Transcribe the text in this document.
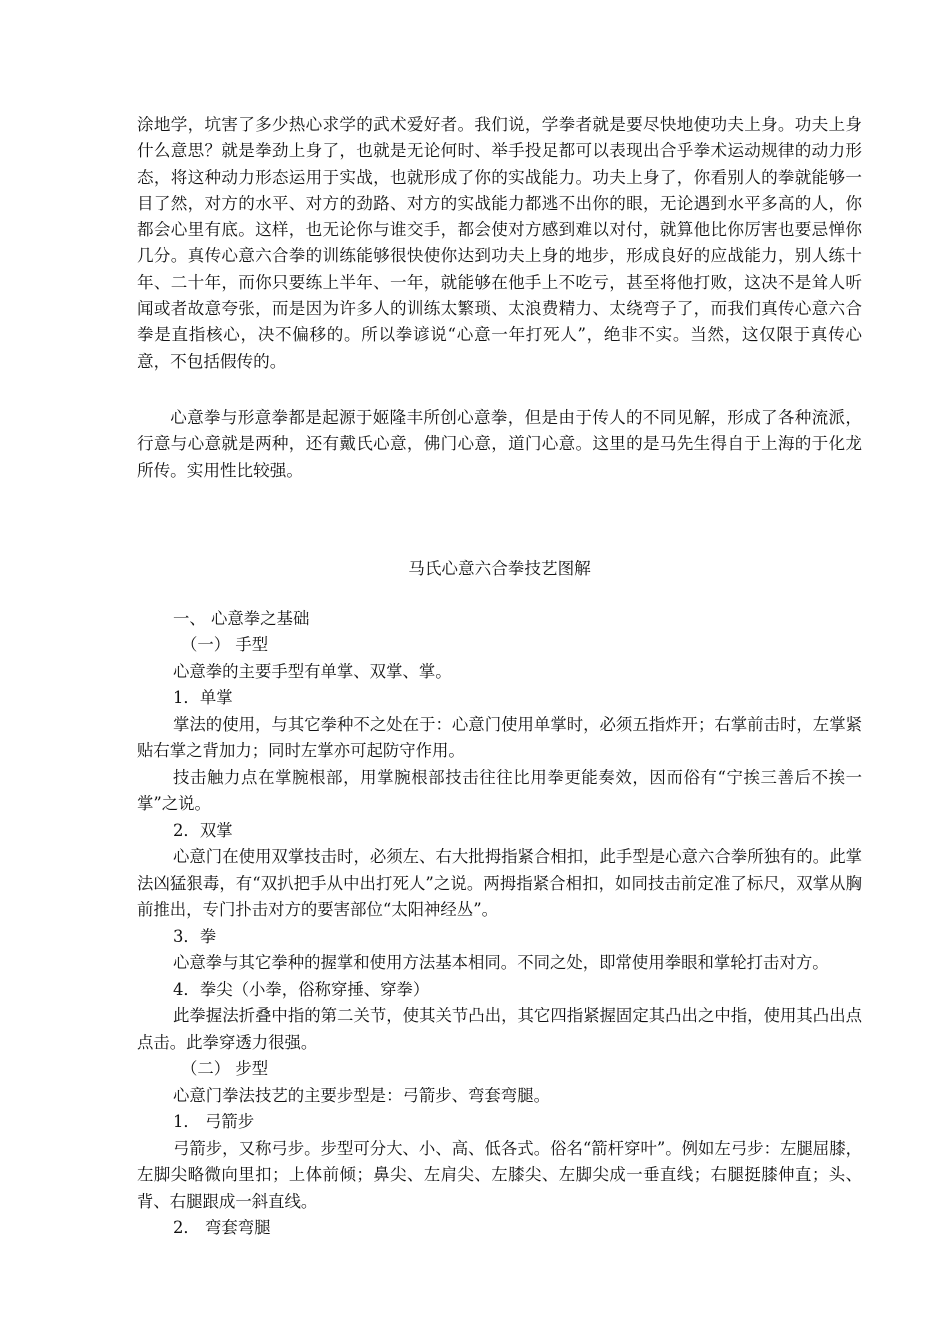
涂地学，坑害了多少热心求学的武术爱好者。我们说，学拳者就是要尽快地使功夫上身。功夫上身什么意思？就是拳劲上身了，也就是无论何时、举手投足都可以表现出合乎拳术运动规律的动力形态，将这种动力形态运用于实战，也就形成了你的实战能力。功夫上身了，你看别人的拳就能够一目了然，对方的水平、对方的劲路、对方的实战能力都逃不出你的眼，无论遇到水平多高的人，你都会心里有底。这样，也无论你与谁交手，都会使对方感到难以对付，就算他比你厉害也要忌惮你几分。真传心意六合拳的训练能够很快使你达到功夫上身的地步，形成良好的应战能力，别人练十年、二十年，而你只要练上半年、一年，就能够在他手上不吃亏，甚至将他打败，这决不是耸人听闻或者故意夸张，而是因为许多人的训练太繁琐、太浪费精力、太绕弯子了，而我们真传心意六合拳是直指核心，决不偏移的。所以拳谚说“心意一年打死人”，绝非不实。当然，这仅限于真传心意，不包括假传的。

心意拳与形意拳都是起源于姬隆丰所创心意拳，但是由于传人的不同见解，形成了各种流派，行意与心意就是两种，还有戴氏心意，佛门心意，道门心意。这里的是马先生得自于上海的于化龙所传。实用性比较强。

马氏心意六合拳技艺图解

一、 心意拳之基础

（一） 手型

心意拳的主要手型有单掌、双掌、掌。

1．单掌

掌法的使用，与其它拳种不之处在于：心意门使用单掌时，必须五指炸开；右掌前击时，左掌紧贴右掌之背加力；同时左掌亦可起防守作用。

技击触力点在掌腕根部，用掌腕根部技击往往比用拳更能奏效，因而俗有“宁挨三善后不挨一掌”之说。

2．双掌

心意门在使用双掌技击时，必须左、右大批拇指紧合相扣，此手型是心意六合拳所独有的。此掌法凶猛狠毒，有“双扒把手从中出打死人”之说。两拇指紧合相扣，如同技击前定准了标尺，双掌从胸前推出，专门扑击对方的要害部位“太阳神经丛”。

3．拳

心意拳与其它拳种的握掌和使用方法基本相同。不同之处，即常使用拳眼和掌轮打击对方。

4．拳尖（小拳，俗称穿捶、穿拳）

此拳握法折叠中指的第二关节，使其关节凸出，其它四指紧握固定其凸出之中指，使用其凸出点点击。此拳穿透力很强。

（二） 步型

心意门拳法技艺的主要步型是：弓箭步、弯套弯腿。

1． 弓箭步

弓箭步，又称弓步。步型可分大、小、高、低各式。俗名“箭杆穿叶”。例如左弓步：左腿屈膝，左脚尖略微向里扣；上体前倾；鼻尖、左肩尖、左膝尖、左脚尖成一垂直线；右腿挺膝伸直；头、背、右腿跟成一斜直线。

2． 弯套弯腿
